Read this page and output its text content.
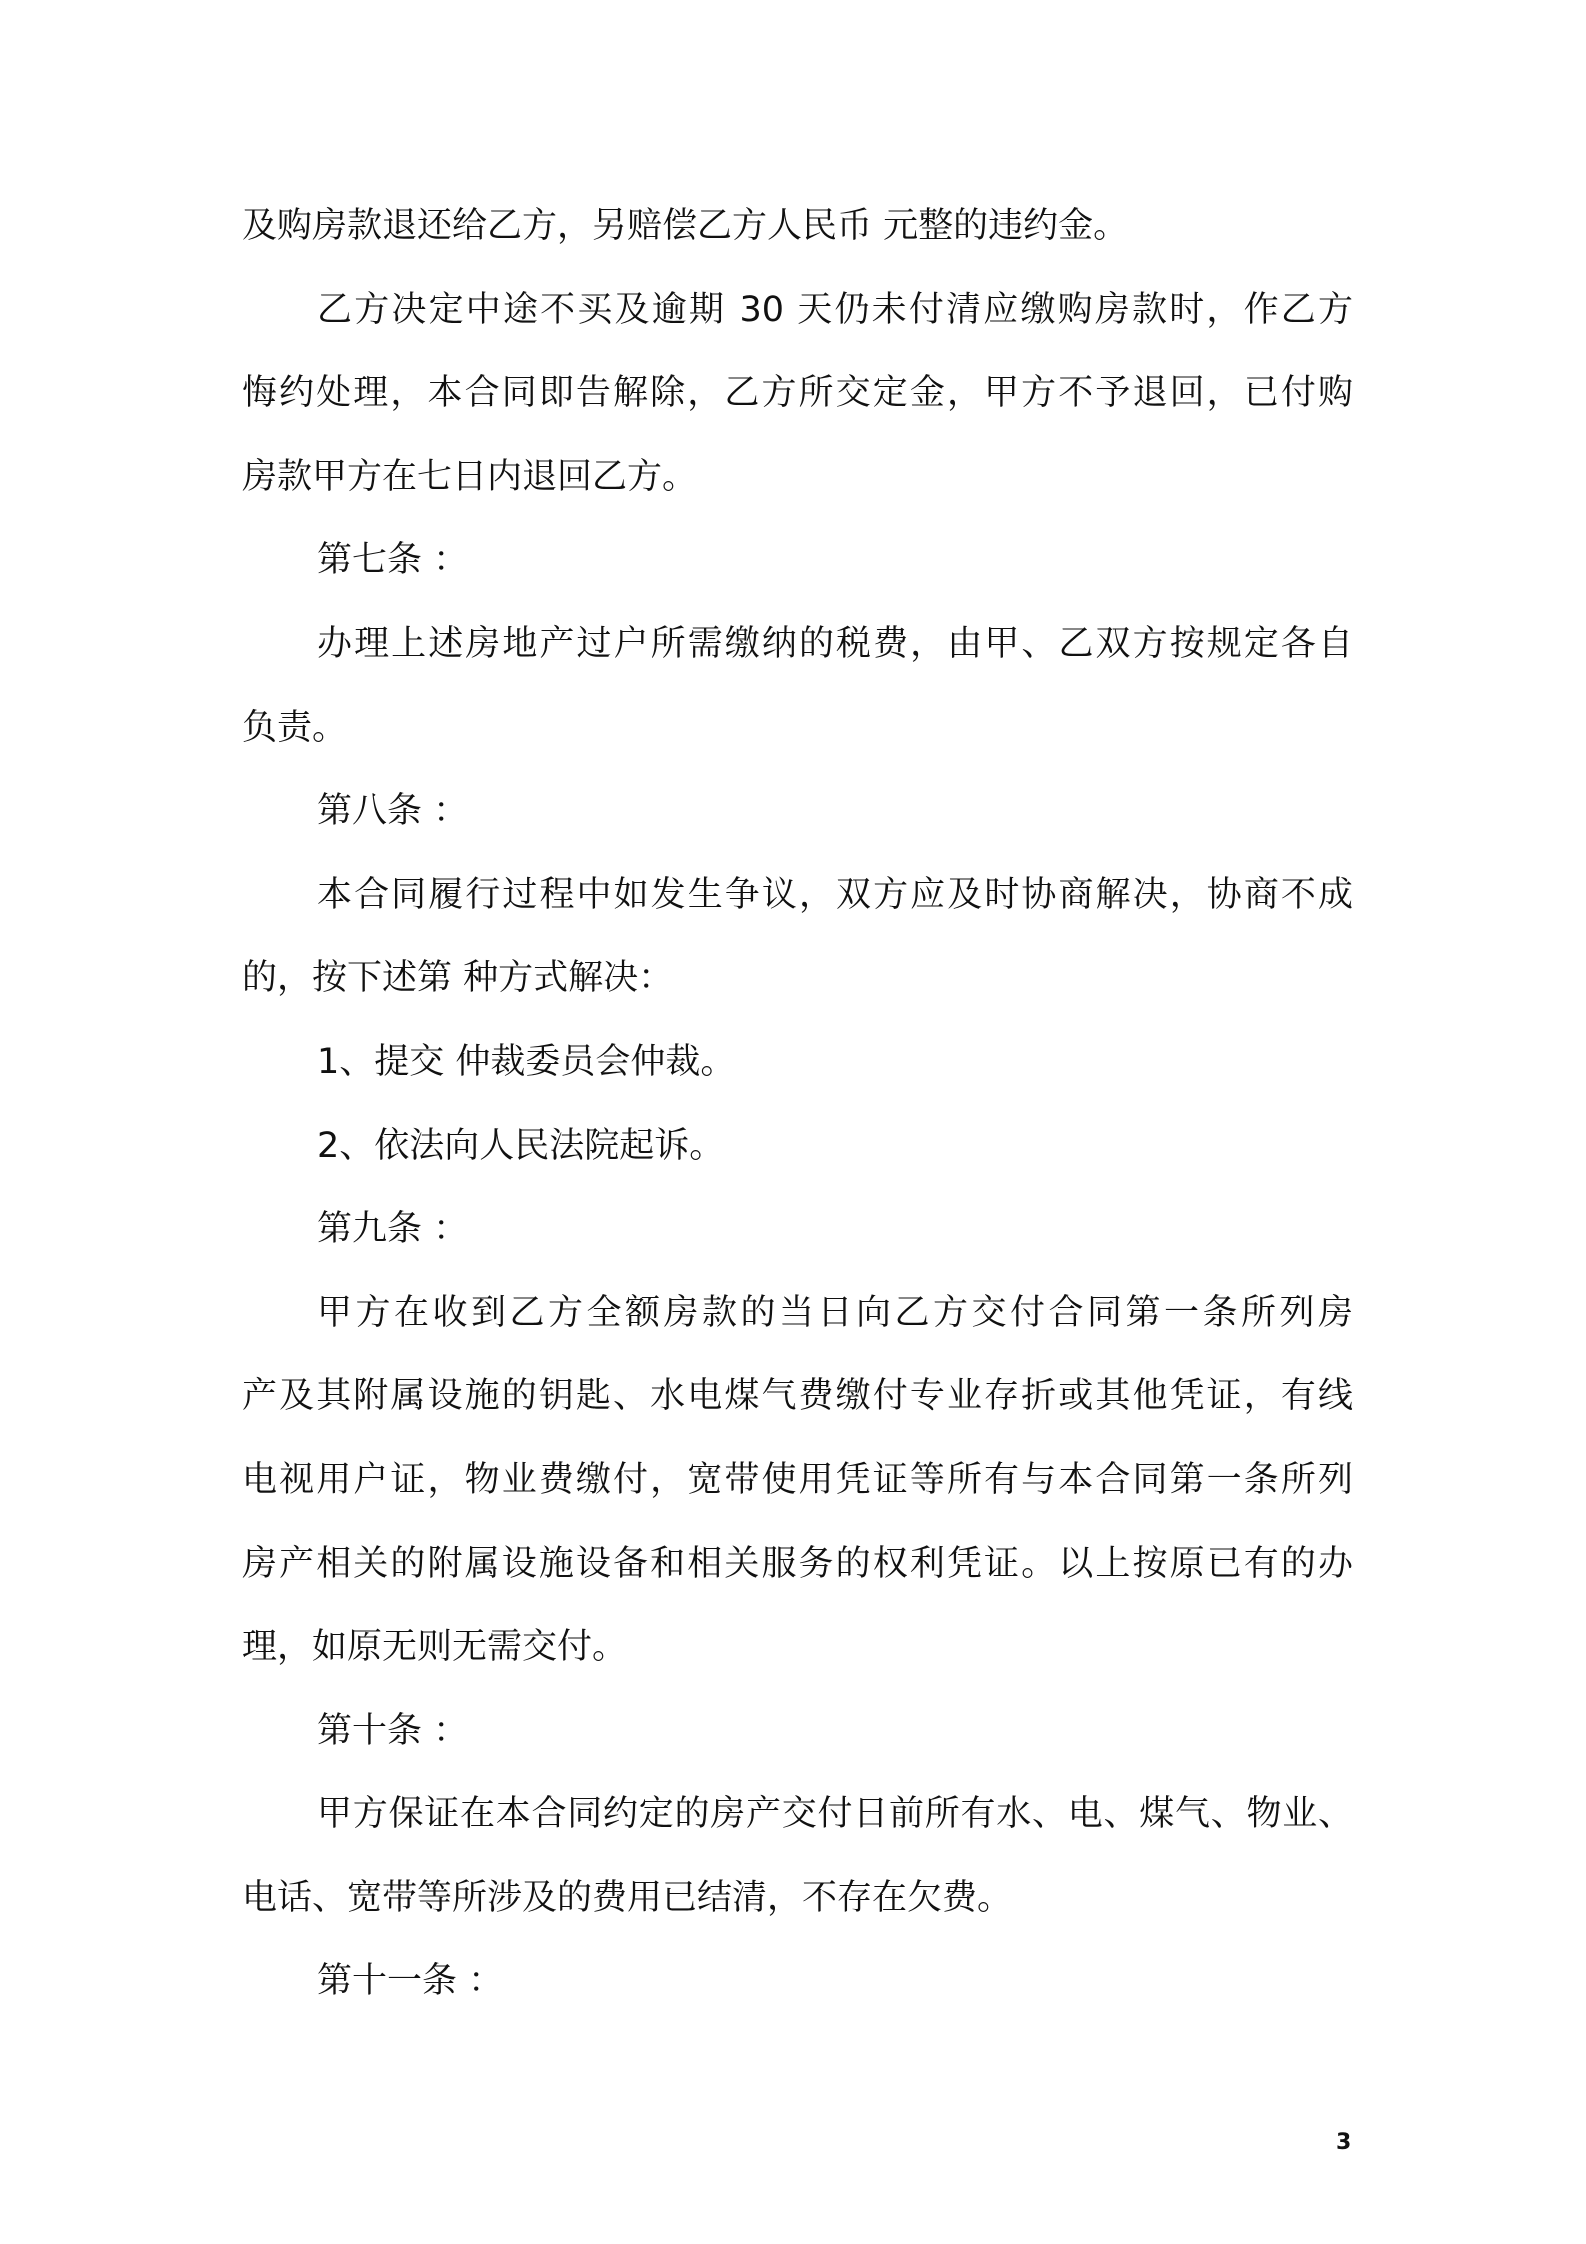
及购房款退还给乙方，另赔偿乙方人民币 元整的违约金。
乙方决定中途不买及逾期 30 天仍未付清应缴购房款时，作乙方
悔约处理，本合同即告解除，乙方所交定金，甲方不予退回，已付购
房款甲方在七日内退回乙方。
第七条 ：
办理上述房地产过户所需缴纳的税费，由甲、乙双方按规定各自
负责。
第八条 ：
本合同履行过程中如发生争议，双方应及时协商解决，协商不成
的，按下述第 种方式解决：
1、提交 仲裁委员会仲裁。
2、依法向人民法院起诉。
第九条 ：
甲方在收到乙方全额房款的当日向乙方交付合同第一条所列房
产及其附属设施的钥匙、水电煤气费缴付专业存折或其他凭证，有线
电视用户证，物业费缴付，宽带使用凭证等所有与本合同第一条所列
房产相关的附属设施设备和相关服务的权利凭证。以上按原已有的办
理，如原无则无需交付。
第十条 ：
甲方保证在本合同约定的房产交付日前所有水、电、煤气、物业、
电话、宽带等所涉及的费用已结清，不存在欠费。
第十一条 ：
3
